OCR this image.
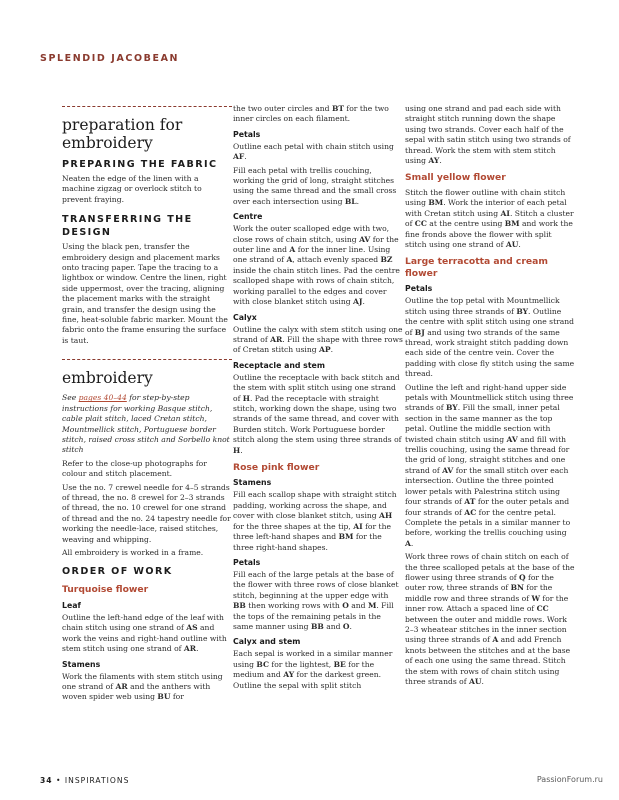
SPLENDID JACOBEAN
preparation for embroidery
PREPARING THE FABRIC
Neaten the edge of the linen with a machine zigzag or overlock stitch to prevent fraying.
TRANSFERRING THE DESIGN
Using the black pen, transfer the embroidery design and placement marks onto tracing paper. Tape the tracing to a lightbox or window. Centre the linen, right side uppermost, over the tracing, aligning the placement marks with the straight grain, and transfer the design using the fine, heat-soluble fabric marker. Mount the fabric onto the frame ensuring the surface is taut.
embroidery
See pages 40–44 for step-by-step instructions for working Basque stitch, cable plait stitch, laced Cretan stitch, Mountmellick stitch, Portuguese border stitch, raised cross stitch and Sorbello knot stitch
Refer to the close-up photographs for colour and stitch placement.
Use the no. 7 crewel needle for 4–5 strands of thread, the no. 8 crewel for 2–3 strands of thread, the no. 10 crewel for one strand of thread and the no. 24 tapestry needle for working the needle-lace, raised stitches, weaving and whipping.
All embroidery is worked in a frame.
ORDER OF WORK
Turquoise flower
Leaf
Outline the left-hand edge of the leaf with chain stitch using one strand of AS and work the veins and right-hand outline with stem stitch using one strand of AR.
Stamens
Work the filaments with stem stitch using one strand of AR and the anthers with woven spider web using BU for
the two outer circles and BT for the two inner circles on each filament.
Petals
Outline each petal with chain stitch using AF.
Fill each petal with trellis couching, working the grid of long, straight stitches using the same thread and the small cross over each intersection using BL.
Centre
Work the outer scalloped edge with two, close rows of chain stitch, using AV for the outer line and A for the inner line. Using one strand of A, attach evenly spaced BZ inside the chain stitch lines. Pad the centre scalloped shape with rows of chain stitch, working parallel to the edges and cover with close blanket stitch using AJ.
Calyx
Outline the calyx with stem stitch using one strand of AR. Fill the shape with three rows of Cretan stitch using AP.
Receptacle and stem
Outline the receptacle with back stitch and the stem with split stitch using one strand of H. Pad the receptacle with straight stitch, working down the shape, using two strands of the same thread, and cover with Burden stitch. Work Portuguese border stitch along the stem using three strands of H.
Rose pink flower
Stamens
Fill each scallop shape with straight stitch padding, working across the shape, and cover with close blanket stitch, using AH for the three shapes at the tip, AI for the three left-hand shapes and BM for the three right-hand shapes.
Petals
Fill each of the large petals at the base of the flower with three rows of close blanket stitch, beginning at the upper edge with BB then working rows with O and M. Fill the tops of the remaining petals in the same manner using BB and O.
Calyx and stem
Each sepal is worked in a similar manner using BC for the lightest, BE for the medium and AY for the darkest green. Outline the sepal with split stitch
using one strand and pad each side with straight stitch running down the shape using two strands. Cover each half of the sepal with satin stitch using two strands of thread. Work the stem with stem stitch using AY.
Small yellow flower
Stitch the flower outline with chain stitch using BM. Work the interior of each petal with Cretan stitch using AI. Stitch a cluster of CC at the centre using BM and work the fine fronds above the flower with split stitch using one strand of AU.
Large terracotta and cream flower
Petals
Outline the top petal with Mountmellick stitch using three strands of BY. Outline the centre with split stitch using one strand of BJ and using two strands of the same thread, work straight stitch padding down each side of the centre vein. Cover the padding with close fly stitch using the same thread.
Outline the left and right-hand upper side petals with Mountmellick stitch using three strands of BY. Fill the small, inner petal section in the same manner as the top petal. Outline the middle section with twisted chain stitch using AV and fill with trellis couching, using the same thread for the grid of long, straight stitches and one strand of AV for the small stitch over each intersection. Outline the three pointed lower petals with Palestrina stitch using four strands of AT for the outer petals and four strands of AC for the centre petal. Complete the petals in a similar manner to before, working the trellis couching using A.
Work three rows of chain stitch on each of the three scalloped petals at the base of the flower using three strands of Q for the outer row, three strands of BN for the middle row and three strands of W for the inner row. Attach a spaced line of CC between the outer and middle rows. Work 2–3 wheatear stitches in the inner section using three strands of A and add French knots between the stitches and at the base of each one using the same thread. Stitch the stem with rows of chain stitch using three strands of AU.
34 • INSPIRATIONS	PassionForum.ru
